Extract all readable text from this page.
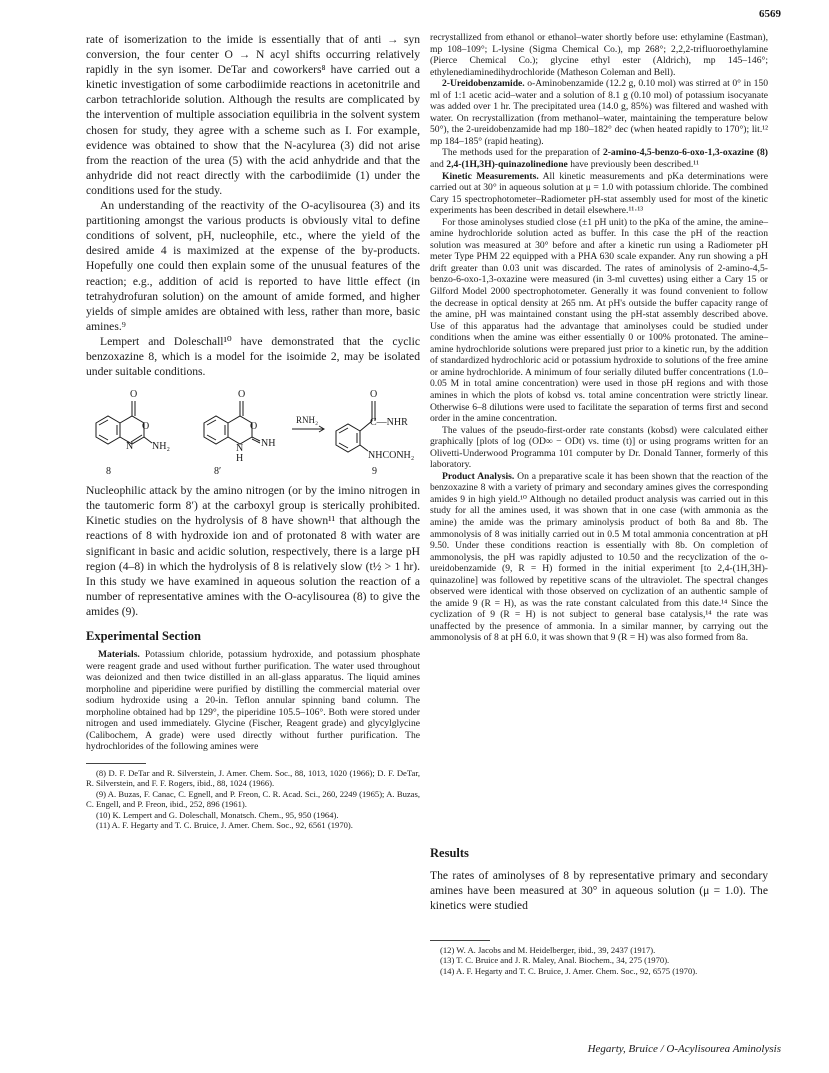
6569

rate of isomerization to the imide is essentially that of anti → syn conversion, the four center O → N acyl shifts occurring relatively rapidly in the syn isomer. DeTar and coworkers⁸ have carried out a kinetic investigation of some carbodiimide reactions in acetonitrile and carbon tetrachloride solution. Although the results are complicated by the intervention of multiple association equilibria in the solvent system chosen for study, they agree with a scheme such as I. For example, evidence was obtained to show that the N-acylurea (3) did not arise from the reaction of the urea (5) with the acid anhydride and that the anhydride did not react directly with the carbodiimide (1) under the conditions used for the study.

An understanding of the reactivity of the O-acylisourea (3) and its partitioning amongst the various products is obviously vital to define conditions of solvent, pH, nucleophile, etc., where the yield of the desired amide 4 is maximized at the expense of the by-products. Hopefully one could then explain some of the unusual features of the reaction; e.g., addition of acid is reported to have little effect (in tetrahydrofuran solution) on the amount of amide formed, and higher yields of simple amides are obtained with less, rather than more, basic amines.⁹

Lempert and Doleschall¹⁰ have demonstrated that the cyclic benzoxazine 8, which is a model for the isoimide 2, may be isolated under suitable conditions.

O
O
N NH₂
8
O
O
N
H
NH
8′
RNH₂
O
C—NHR
NHCONH₂
9

Nucleophilic attack by the amino nitrogen (or by the imino nitrogen in the tautomeric form 8′) at the carboxyl group is sterically prohibited. Kinetic studies on the hydrolysis of 8 have shown¹¹ that although the reactions of 8 with hydroxide ion and of protonated 8 with water are significant in basic and acidic solution, respectively, there is a large pH region (4–8) in which the hydrolysis of 8 is relatively slow (t½ > 1 hr). In this study we have examined in aqueous solution the reaction of a number of representative amines with the O-acylisourea (8) to give the amides (9).

Experimental Section

Materials. Potassium chloride, potassium hydroxide, and potassium phosphate were reagent grade and used without further purification. The water used throughout was deionized and then twice distilled in an all-glass apparatus. The liquid amines morpholine and piperidine were purified by distilling the commercial material over sodium hydroxide using a 20-in. Teflon annular spinning band column. The morpholine obtained had bp 129°, the piperidine 105.5–106°. Both were stored under nitrogen and used immediately. Glycine (Fischer, Reagent grade) and glycylglycine (Calibochem, A grade) were used directly without further purification. The hydrochlorides of the following amines were

(8) D. F. DeTar and R. Silverstein, J. Amer. Chem. Soc., 88, 1013, 1020 (1966); D. F. DeTar, R. Silverstein, and F. F. Rogers, ibid., 88, 1024 (1966).

(9) A. Buzas, F. Canac, C. Egnell, and P. Freon, C. R. Acad. Sci., 260, 2249 (1965); A. Buzas, C. Engell, and P. Freon, ibid., 252, 896 (1961).

(10) K. Lempert and G. Doleschall, Monatsch. Chem., 95, 950 (1964).

(11) A. F. Hegarty and T. C. Bruice, J. Amer. Chem. Soc., 92, 6561 (1970).

recrystallized from ethanol or ethanol–water shortly before use: ethylamine (Eastman), mp 108–109°; L-lysine (Sigma Chemical Co.), mp 268°; 2,2,2-trifluoroethylamine (Pierce Chemical Co.); glycine ethyl ester (Aldrich), mp 145–146°; ethylenediaminedihydrochloride (Matheson Coleman and Bell).

2-Ureidobenzamide. o-Aminobenzamide (12.2 g, 0.10 mol) was stirred at 0° in 150 ml of 1:1 acetic acid–water and a solution of 8.1 g (0.10 mol) of potassium isocyanate was added over 1 hr. The precipitated urea (14.0 g, 85%) was filtered and washed with water. On recrystallization (from methanol–water, maintaining the temperature below 50°), the 2-ureidobenzamide had mp 180–182° dec (when heated rapidly to 170°); lit.¹² mp 184–185° (rapid heating).

The methods used for the preparation of 2-amino-4,5-benzo-6-oxo-1,3-oxazine (8) and 2,4-(1H,3H)-quinazolinedione have previously been described.¹¹

Kinetic Measurements. All kinetic measurements and pKa determinations were carried out at 30° in aqueous solution at μ = 1.0 with potassium chloride. The combined Cary 15 spectrophotometer–Radiometer pH-stat assembly used for most of the kinetic experiments has been described in detail elsewhere.¹¹·¹³

For those aminolyses studied close (±1 pH unit) to the pKa of the amine, the amine–amine hydrochloride solution acted as buffer. In this case the pH of the reaction solution was measured at 30° before and after a kinetic run using a Radiometer pH meter Type PHM 22 equipped with a PHA 630 scale expander. Any run showing a pH drift greater than 0.03 unit was discarded. The rates of aminolysis of 2-amino-4,5-benzo-6-oxo-1,3-oxazine were measured (in 3-ml cuvettes) using either a Cary 15 or Gilford Model 2000 spectrophotometer. Generally it was found convenient to follow the decrease in optical density at 265 nm. At pH's outside the buffer capacity range of the amine, pH was maintained constant using the pH-stat assembly described above. Use of this apparatus had the advantage that aminolyses could be studied under conditions when the amine was either essentially 0 or 100% protonated. The amine–amine hydrochloride solutions were prepared just prior to a kinetic run, by the addition of standardized hydrochloric acid or potassium hydroxide to solutions of the free amine or amine hydrochloride. A minimum of four serially diluted buffer concentrations (1.0–0.05 M in total amine concentration) were used in those pH regions and with those amines in which the plots of kobsd vs. total amine concentration were strictly linear. Otherwise 6–8 dilutions were used to facilitate the separation of terms first and second order in the amine concentration.

The values of the pseudo-first-order rate constants (kobsd) were calculated either graphically [plots of log (OD∞ − ODt) vs. time (t)] or using programs written for an Olivetti-Underwood Programma 101 computer by Dr. Donald Tanner, formerly of this laboratory.

Product Analysis. On a preparative scale it has been shown that the reaction of the benzoxazine 8 with a variety of primary and secondary amines gives the corresponding amides 9 in high yield.¹⁰ Although no detailed product analysis was carried out in this study for all the amines used, it was shown that in one case (with ammonia as the amine) the amide was the primary aminolysis product of both 8a and 8b. The ammonolysis of 8 was initially carried out in 0.5 M total ammonia concentration at pH 9.50. Under these conditions reaction is essentially with 8b. On completion of ammonolysis, the pH was rapidly adjusted to 10.50 and the recyclization of the o-ureidobenzamide (9, R = H) formed in the initial experiment [to 2,4-(1H,3H)-quinazoline] was followed by repetitive scans of the ultraviolet. The spectral changes observed were identical with those observed on cyclization of an authentic sample of the amide 9 (R = H), as was the rate constant calculated from this date.¹⁴ Since the cyclization of 9 (R = H) is not subject to general base catalysis,¹⁴ the rate was unaffected by the presence of ammonia. In a similar manner, by carrying out the ammonolysis of 8 at pH 6.0, it was shown that 9 (R = H) was also formed from 8a.

Results

The rates of aminolyses of 8 by representative primary and secondary amines have been measured at 30° in aqueous solution (μ = 1.0). The kinetics were studied

(12) W. A. Jacobs and M. Heidelberger, ibid., 39, 2437 (1917).

(13) T. C. Bruice and J. R. Maley, Anal. Biochem., 34, 275 (1970).

(14) A. F. Hegarty and T. C. Bruice, J. Amer. Chem. Soc., 92, 6575 (1970).

Hegarty, Bruice / O-Acylisourea Aminolysis
